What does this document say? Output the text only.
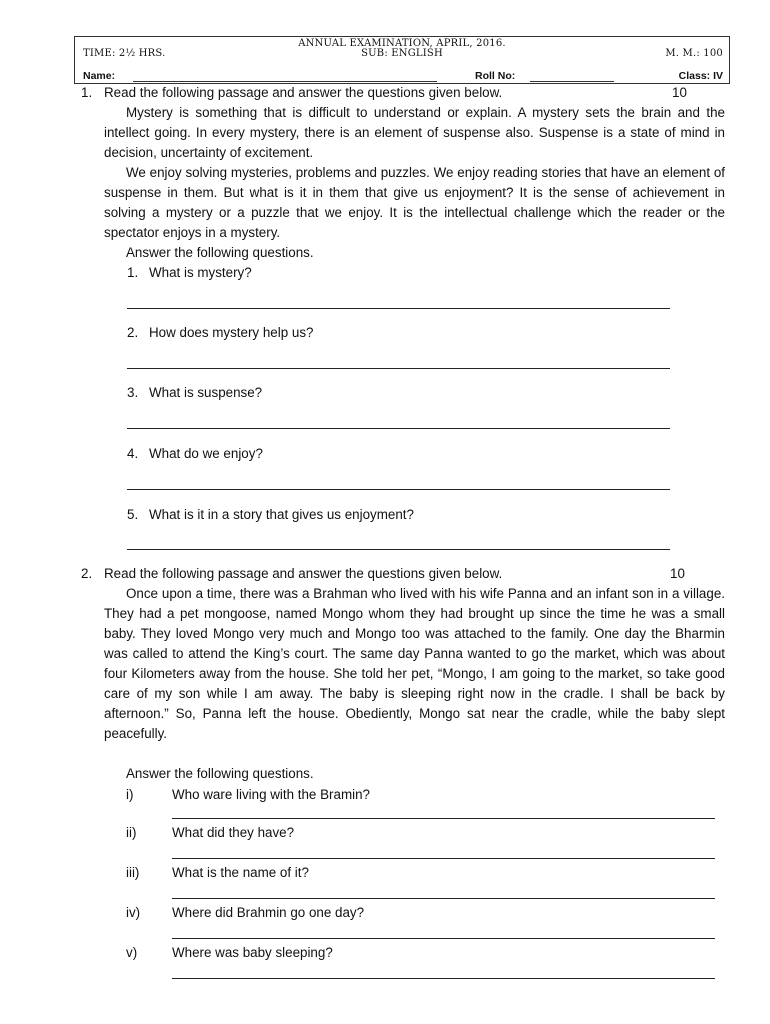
ANNUAL EXAMINATION, APRIL, 2016.
TIME: 2½ HRS.	SUB: ENGLISH	M. M.: 100
Name:	Roll No:	Class: IV
1. Read the following passage and answer the questions given below.	10
Mystery is something that is difficult to understand or explain. A mystery sets the brain and the intellect going. In every mystery, there is an element of suspense also. Suspense is a state of mind in decision, uncertainty of excitement.
We enjoy solving mysteries, problems and puzzles. We enjoy reading stories that have an element of suspense in them. But what is it in them that give us enjoyment? It is the sense of achievement in solving a mystery or a puzzle that we enjoy. It is the intellectual challenge which the reader or the spectator enjoys in a mystery.
Answer the following questions.
1. What is mystery?
2. How does mystery help us?
3. What is suspense?
4. What do we enjoy?
5. What is it in a story that gives us enjoyment?
2. Read the following passage and answer the questions given below.	10
Once upon a time, there was a Brahman who lived with his wife Panna and an infant son in a village. They had a pet mongoose, named Mongo whom they had brought up since the time he was a small baby. They loved Mongo very much and Mongo too was attached to the family. One day the Bharmin was called to attend the King’s court. The same day Panna wanted to go the market, which was about four Kilometers away from the house. She told her pet, “Mongo, I am going to the market, so take good care of my son while I am away. The baby is sleeping right now in the cradle. I shall be back by afternoon.” So, Panna left the house. Obediently, Mongo sat near the cradle, while the baby slept peacefully.
Answer the following questions.
i)	Who ware living with the Bramin?
ii)	What did they have?
iii) What is the name of it?
iv) Where did Brahmin go one day?
v)	Where was baby sleeping?
